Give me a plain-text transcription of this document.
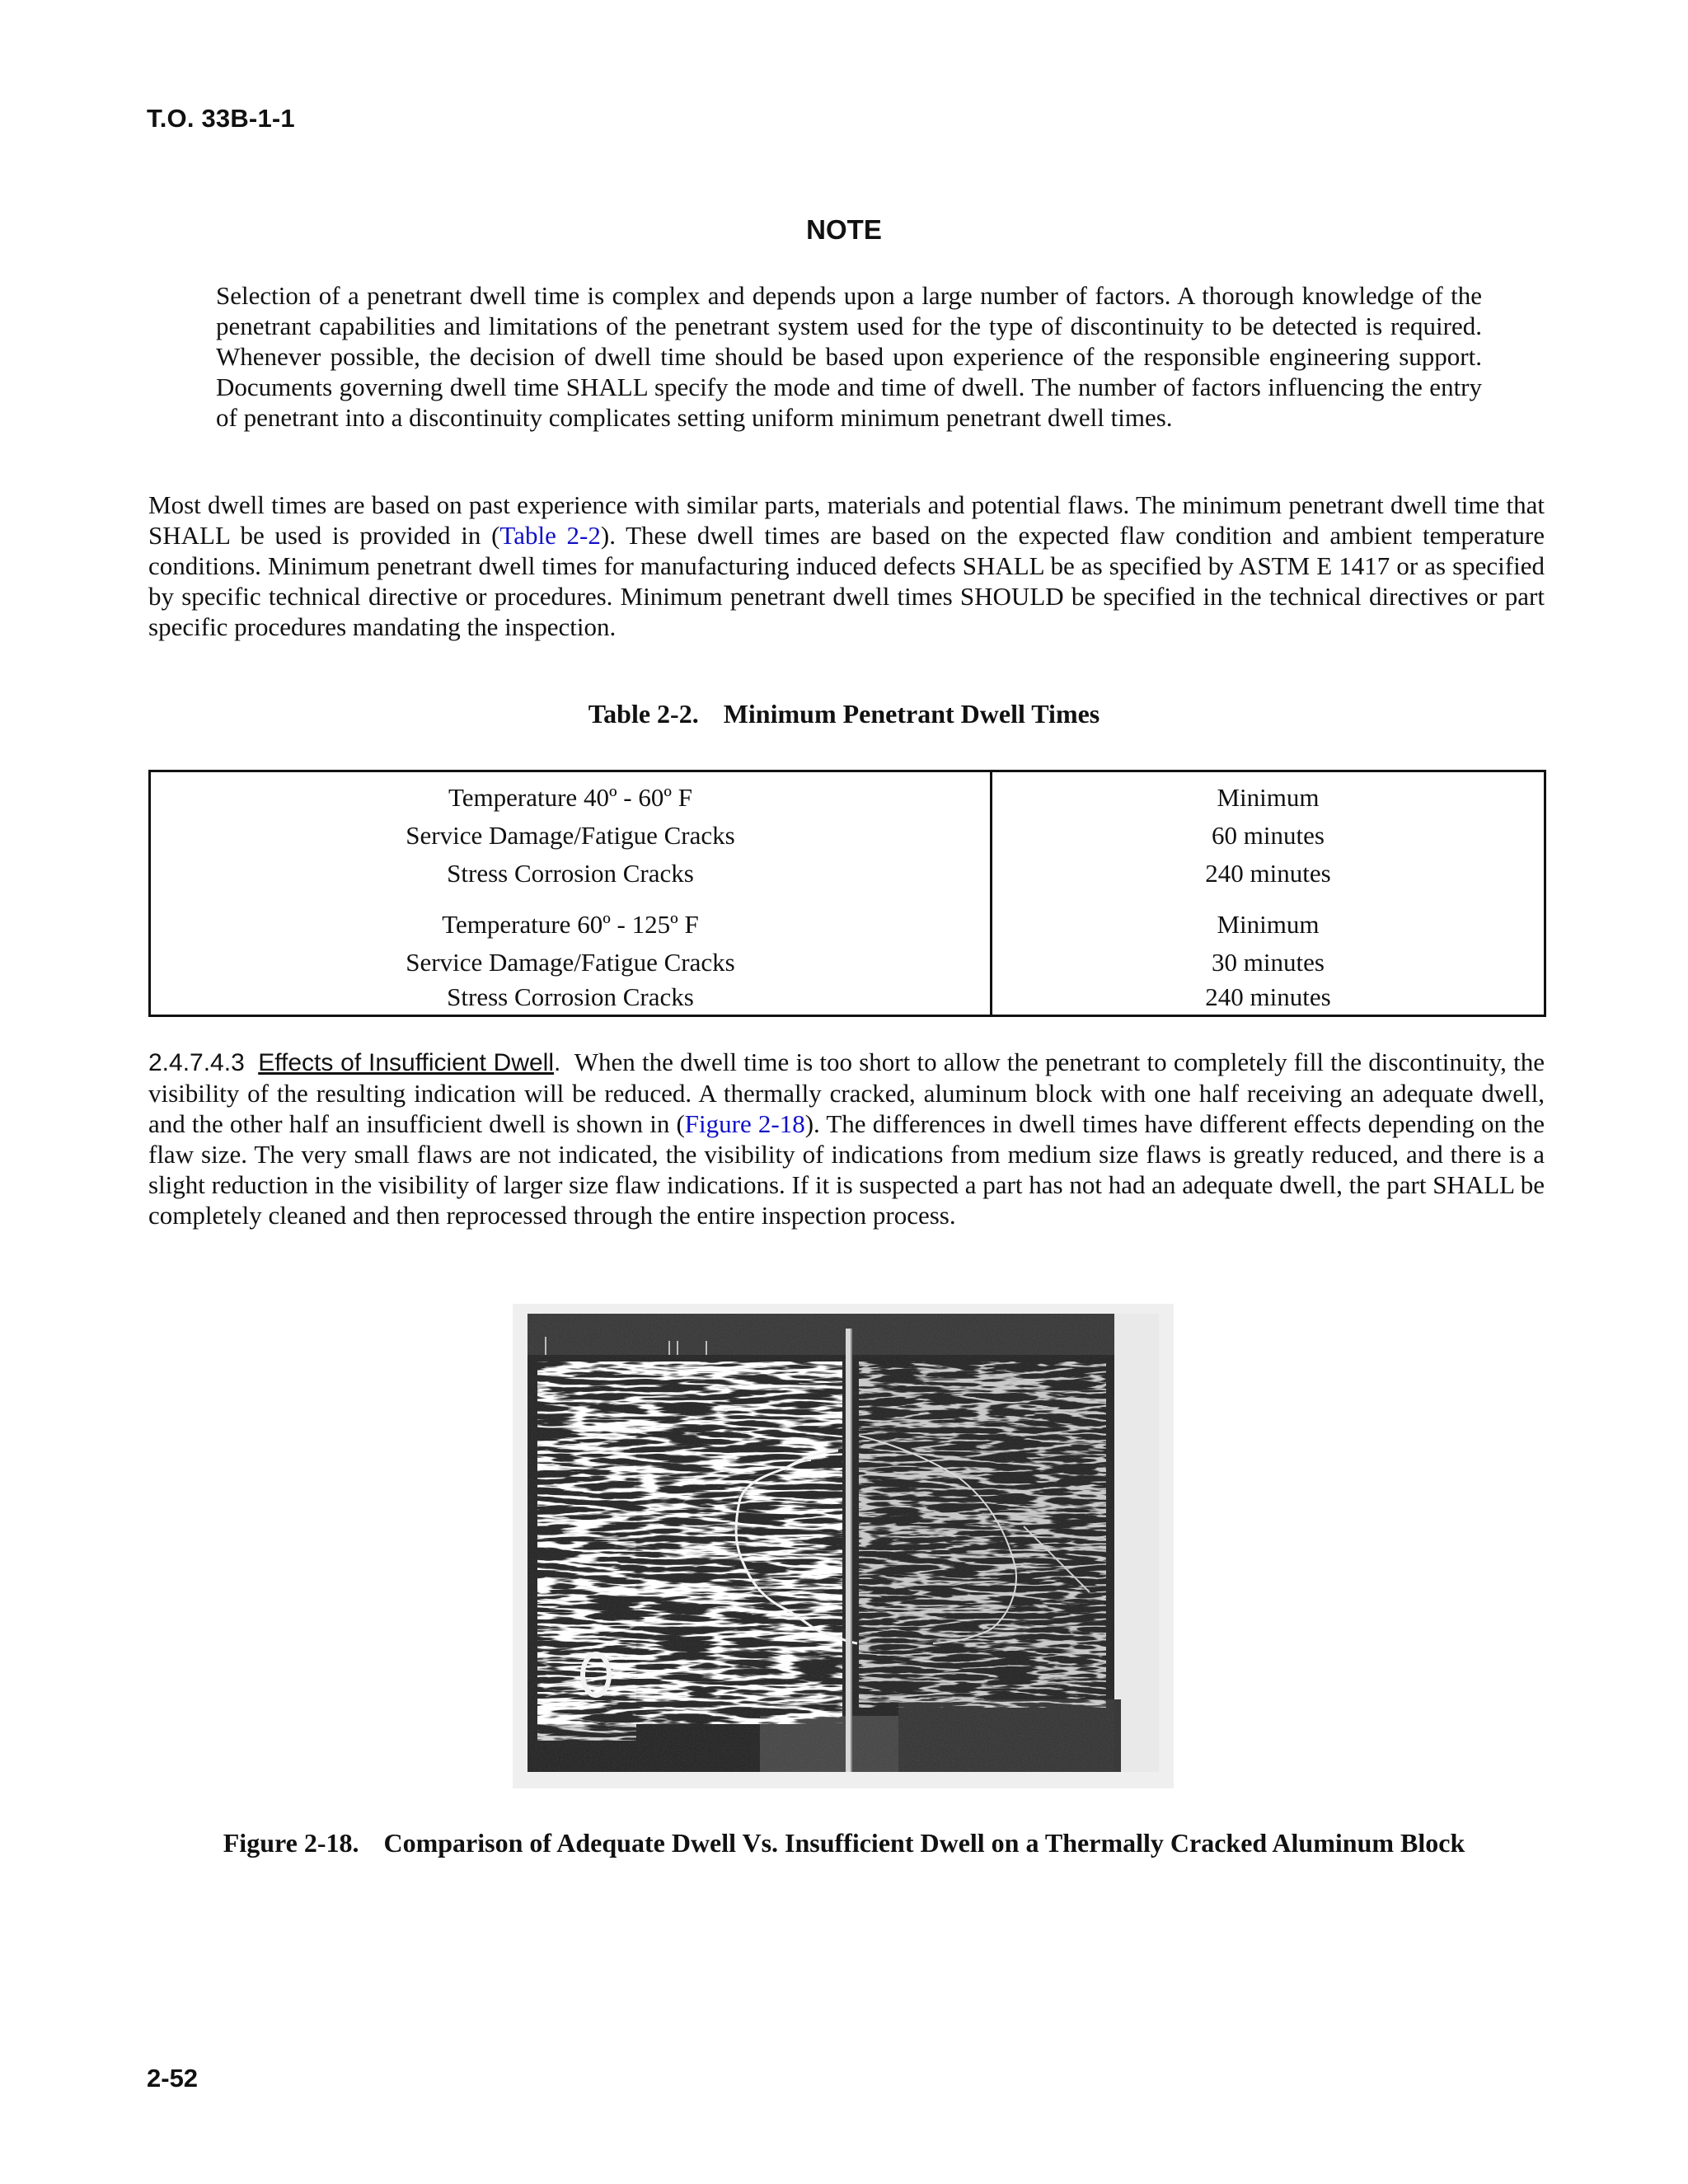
T.O. 33B-1-1
NOTE
Selection of a penetrant dwell time is complex and depends upon a large number of factors. A thorough knowledge of the penetrant capabilities and limitations of the penetrant system used for the type of discontinuity to be detected is required. Whenever possible, the decision of dwell time should be based upon experience of the responsible engineering support. Documents governing dwell time SHALL specify the mode and time of dwell. The number of factors influencing the entry of penetrant into a discontinuity complicates setting uniform minimum penetrant dwell times.
Most dwell times are based on past experience with similar parts, materials and potential flaws. The minimum penetrant dwell time that SHALL be used is provided in (Table 2-2). These dwell times are based on the expected flaw condition and ambient temperature conditions. Minimum penetrant dwell times for manufacturing induced defects SHALL be as specified by ASTM E 1417 or as specified by specific technical directive or procedures. Minimum penetrant dwell times SHOULD be specified in the technical directives or part specific procedures mandating the inspection.
Table 2-2. Minimum Penetrant Dwell Times
Temperature 40º - 60º F	Minimum
Service Damage/Fatigue Cracks	60 minutes
Stress Corrosion Cracks	240 minutes
Temperature 60º - 125º F	Minimum
Service Damage/Fatigue Cracks	30 minutes
Stress Corrosion Cracks	240 minutes
2.4.7.4.3 Effects of Insufficient Dwell. When the dwell time is too short to allow the penetrant to completely fill the discontinuity, the visibility of the resulting indication will be reduced. A thermally cracked, aluminum block with one half receiving an adequate dwell, and the other half an insufficient dwell is shown in (Figure 2-18). The differences in dwell times have different effects depending on the flaw size. The very small flaws are not indicated, the visibility of indications from medium size flaws is greatly reduced, and there is a slight reduction in the visibility of larger size flaw indications. If it is suspected a part has not had an adequate dwell, the part SHALL be completely cleaned and then reprocessed through the entire inspection process.
Figure 2-18. Comparison of Adequate Dwell Vs. Insufficient Dwell on a Thermally Cracked Aluminum Block
2-52
